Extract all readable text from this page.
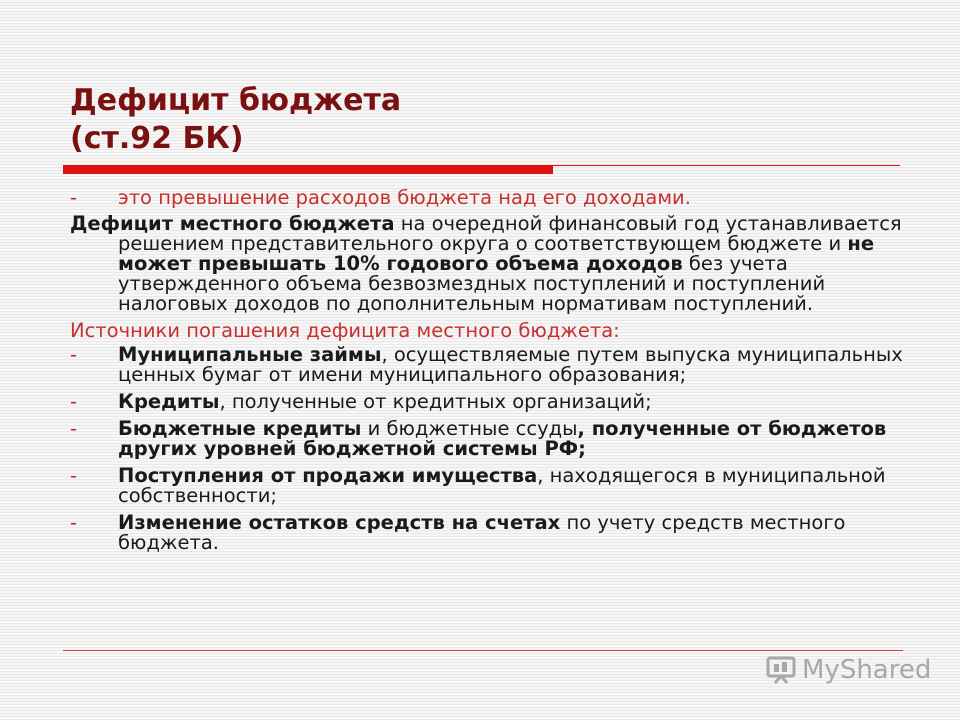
Дефицит бюджета
(ст.92 БК)
-	это превышение расходов бюджета над его доходами.
Дефицит местного бюджета на очередной финансовый год устанавливается решением представительного округа о соответствующем бюджете и не может превышать 10% годового объема доходов без учета утвержденного объема безвозмездных поступлений и поступлений налоговых доходов по дополнительным нормативам поступлений.
Источники погашения дефицита местного бюджета:
-	Муниципальные займы, осуществляемые путем выпуска муниципальных ценных бумаг от имени муниципального образования;
-	Кредиты, полученные от кредитных организаций;
-	Бюджетные кредиты и бюджетные ссуды, полученные от бюджетов других уровней бюджетной системы РФ;
-	Поступления от продажи имущества, находящегося в муниципальной собственности;
-	Изменение остатков средств на счетах по учету средств местного бюджета.
MyShared
